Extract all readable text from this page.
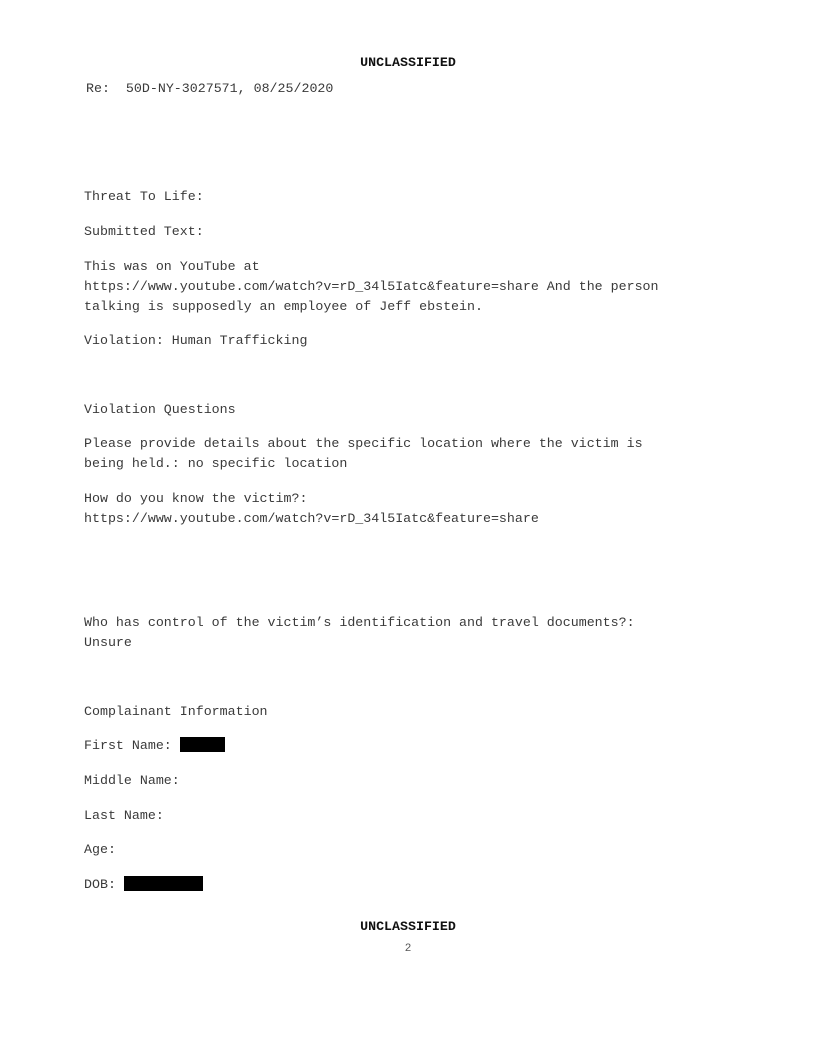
UNCLASSIFIED
Re: 50D-NY-3027571, 08/25/2020
Threat To Life:
Submitted Text:
This was on YouTube at
https://www.youtube.com/watch?v=rD_34l5Iatc&feature=share And the person
talking is supposedly an employee of Jeff ebstein.
Violation: Human Trafficking
Violation Questions
Please provide details about the specific location where the victim is
being held.: no specific location
How do you know the victim?:
https://www.youtube.com/watch?v=rD_34l5Iatc&feature=share
Who has control of the victim’s identification and travel documents?:
Unsure
Complainant Information
First Name:
Middle Name:
Last Name:
Age:
DOB:
UNCLASSIFIED
2
